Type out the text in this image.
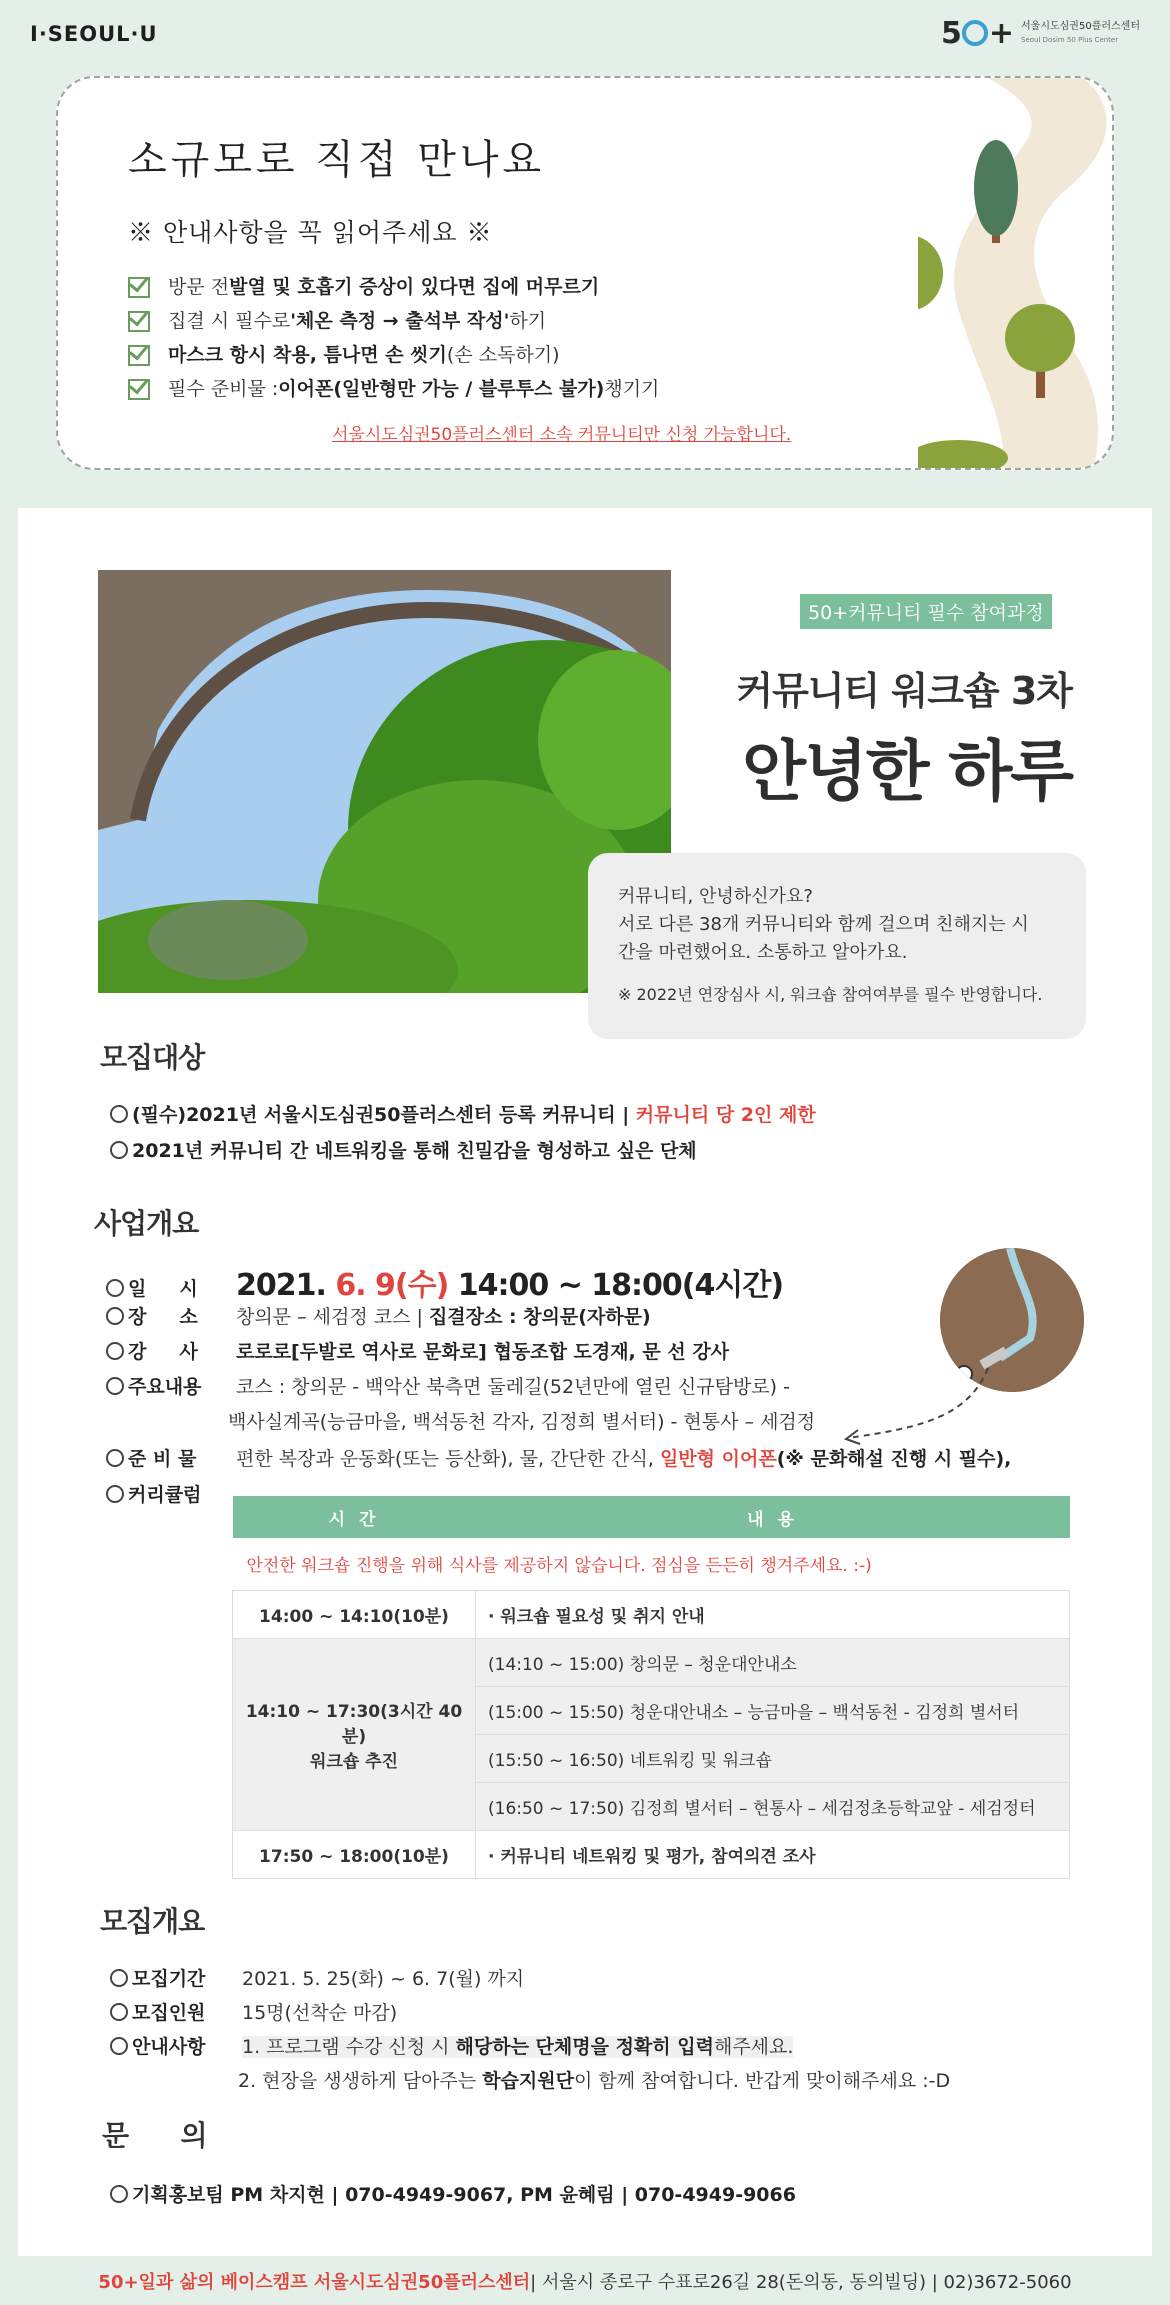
I·SEOUL·U	5 + 서울시도심권50플러스센터
Seoul Dosim 50 Plus Center
소규모로 직접 만나요
※ 안내사항을 꼭 읽어주세요 ※
방문 전 발열 및 호흡기 증상이 있다면 집에 머무르기
집결 시 필수로 '체온 측정 → 출석부 작성' 하기
마스크 항시 착용, 틈나면 손 씻기 (손 소독하기)
필수 준비물 : 이어폰(일반형만 가능 / 블루투스 불가) 챙기기
서울시도심권50플러스센터 소속 커뮤니티만 신청 가능합니다.
50+커뮤니티 필수 참여과정
커뮤니티 워크숍 3차
안녕한 하루
커뮤니티, 안녕하신가요?
서로 다른 38개 커뮤니티와 함께 걸으며 친해지는 시
간을 마련했어요. 소통하고 알아가요.
※ 2022년 연장심사 시, 워크숍 참여여부를 필수 반영합니다.
모집대상
(필수)2021년 서울시도심권50플러스센터 등록 커뮤니티 | 커뮤니티 당 2인 제한
2021년 커뮤니티 간 네트워킹을 통해 친밀감을 형성하고 싶은 단체
사업개요
일     시 2021. 6. 9(수) 14:00 ~ 18:00(4시간)
장     소 창의문 – 세검정 코스 | 집결장소 : 창의문(자하문)
강     사 로로로[두발로 역사로 문화로] 협동조합 도경재, 문 선 강사
주요내용 코스 : 창의문 - 백악산 북측면 둘레길(52년만에 열린 신규탐방로) -
백사실계곡(능금마을, 백석동천 각자, 김정희 별서터) - 현통사 – 세검정
준 비 물 편한 복장과 운동화(또는 등산화), 물, 간단한 간식, 일반형 이어폰(※ 문화해설 진행 시 필수),
커리큘럼
시 간	내 용
안전한 워크숍 진행을 위해 식사를 제공하지 않습니다. 점심을 든든히 챙겨주세요. :-)	
14:00 ~ 14:10(10분)	· 워크숍 필요성 및 취지 안내
14:10 ~ 17:30(3시간 40분)
워크숍 추진	(14:10 ~ 15:00) 창의문 – 청운대안내소
	(15:00 ~ 15:50) 청운대안내소 – 능금마을 – 백석동천 - 김정희 별서터
	(15:50 ~ 16:50) 네트워킹 및 워크숍
	(16:50 ~ 17:50) 김정희 별서터 – 현통사 – 세검정초등학교앞 - 세검정터
17:50 ~ 18:00(10분)	· 커뮤니티 네트워킹 및 평가, 참여의견 조사
모집개요
모집기간 2021. 5. 25(화) ~ 6. 7(월) 까지
모집인원 15명(선착순 마감)
안내사항 1. 프로그램 수강 신청 시 해당하는 단체명을 정확히 입력해주세요.
2. 현장을 생생하게 담아주는 학습지원단이 함께 참여합니다. 반갑게 맞이해주세요 :-D
문      의
기획홍보팀 PM 차지현 | 070-4949-9067, PM 윤혜림 | 070-4949-9066
50+일과 삶의 베이스캠프 서울시도심권50플러스센터 | 서울시 종로구 수표로26길 28(돈의동, 동의빌딩) | 02)3672-5060
